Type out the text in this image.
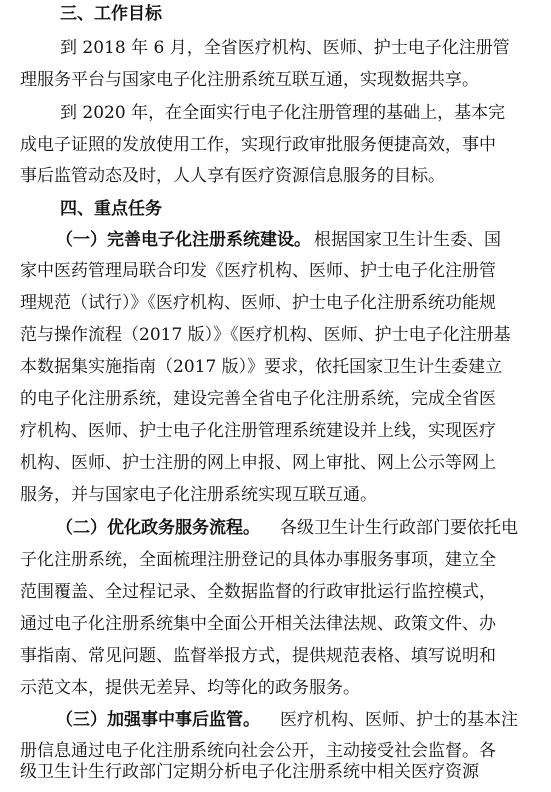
三、工作目标
到 2018 年 6 月，全省医疗机构、医师、护士电子化注册管
理服务平台与国家电子化注册系统互联互通，实现数据共享。
到 2020 年，在全面实行电子化注册管理的基础上，基本完
成电子证照的发放使用工作，实现行政审批服务便捷高效，事中
事后监管动态及时，人人享有医疗资源信息服务的目标。
四、重点任务
（一）完善电子化注册系统建设。 根据国家卫生计生委、国
家中医药管理局联合印发《医疗机构、医师、护士电子化注册管
理规范（试行）》《医疗机构、医师、护士电子化注册系统功能规
范与操作流程（2017 版）》《医疗机构、医师、护士电子化注册基
本数据集实施指南（2017 版）》要求，依托国家卫生计生委建立
的电子化注册系统，建设完善全省电子化注册系统，完成全省医
疗机构、医师、护士电子化注册管理系统建设并上线，实现医疗
机构、医师、护士注册的网上申报、网上审批、网上公示等网上
服务，并与国家电子化注册系统实现互联互通。
（二）优化政务服务流程。 各级卫生计生行政部门要依托电
子化注册系统，全面梳理注册登记的具体办事服务事项，建立全
范围覆盖、全过程记录、全数据监督的行政审批运行监控模式，
通过电子化注册系统集中全面公开相关法律法规、政策文件、办
事指南、常见问题、监督举报方式，提供规范表格、填写说明和
示范文本，提供无差异、均等化的政务服务。
（三）加强事中事后监管。 医疗机构、医师、护士的基本注
册信息通过电子化注册系统向社会公开，主动接受社会监督。各
级卫生计生行政部门定期分析电子化注册系统中相关医疗资源
